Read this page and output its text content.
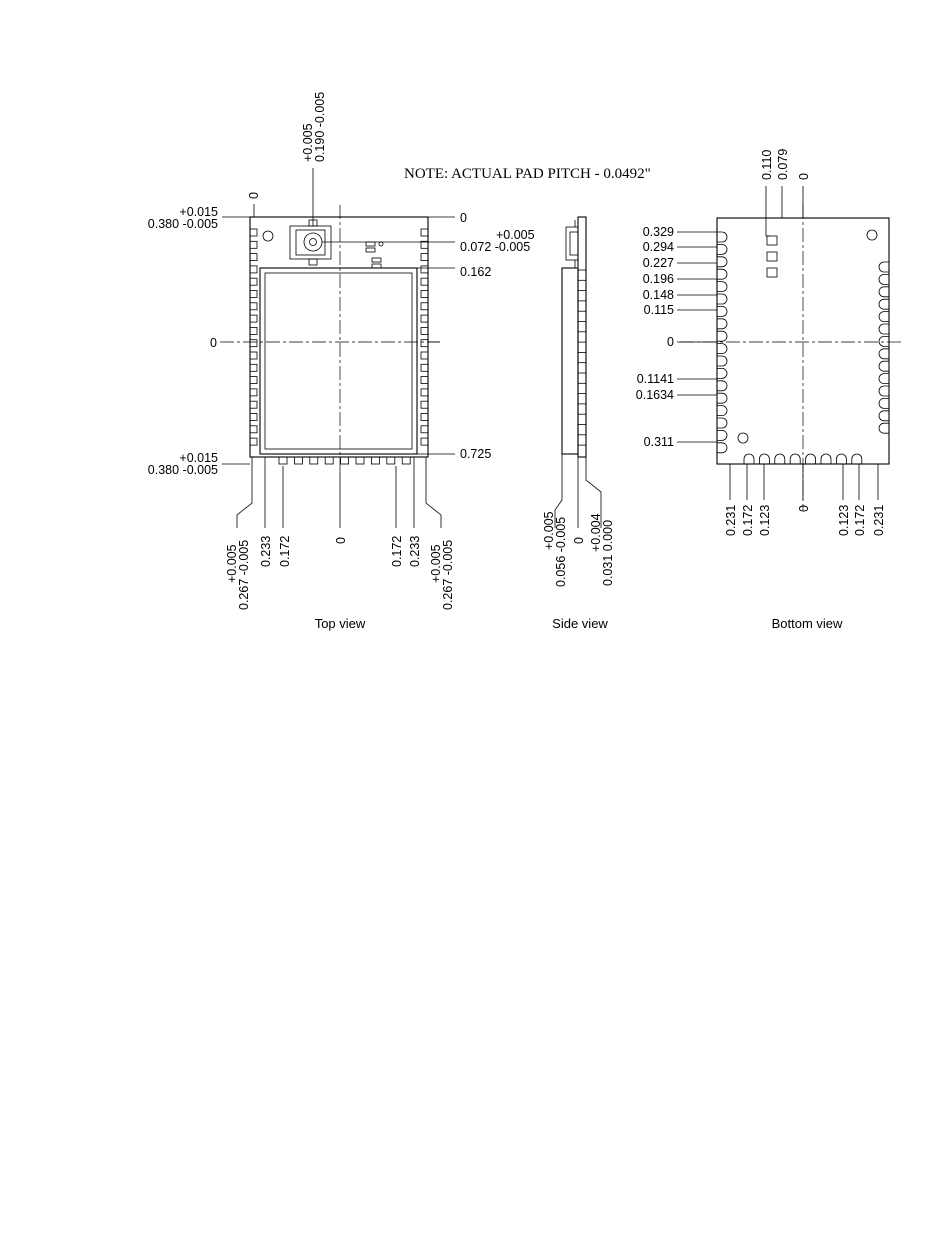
NOTE: ACTUAL PAD PITCH - 0.0492"
+0.015
0.380 -0.005
0
+0.005
0.190 -0.005
0
+0.005
0.072 -0.005
0.162
0
0.725
+0.015
0.380 -0.005
+0.005
0.267 -0.005 0.233 0.172	0	0.172 0.233 +0.005
0.267 -0.005
Top view
+0.005
0.056 -0.005 0 +0.004
0.031 0.000
Side view
0.110 0.079 0
0.329
0.294
0.227
0.196
0.148
0.115
0
0.1141
0.1634
0.311
0.231 0.172 0.123 0 0.123 0.172 0.231
Bottom view
